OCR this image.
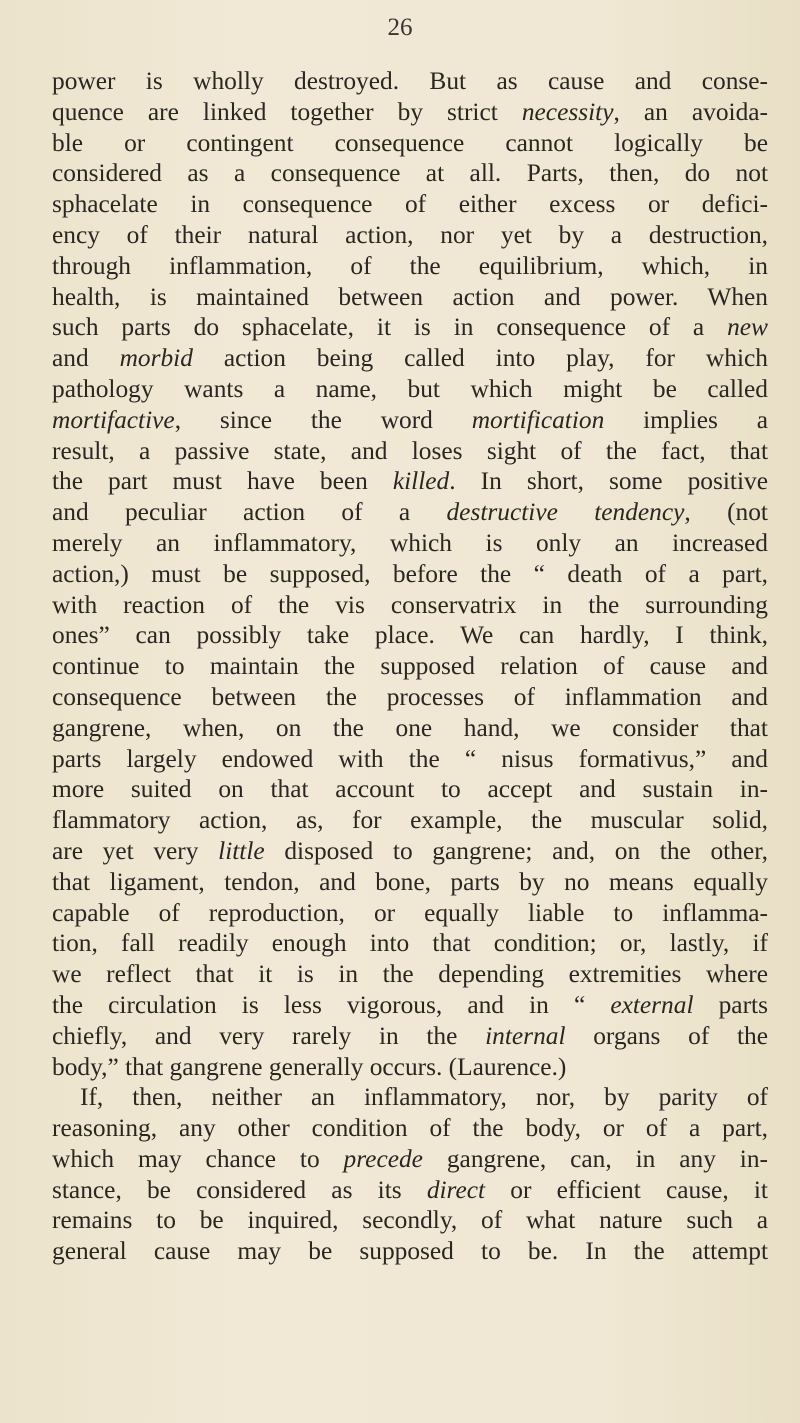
26
power is wholly destroyed. But as cause and conse-
quence are linked together by strict necessity, an avoida-
ble or contingent consequence cannot logically be
considered as a consequence at all. Parts, then, do not
sphacelate in consequence of either excess or defici-
ency of their natural action, nor yet by a destruction,
through inflammation, of the equilibrium, which, in
health, is maintained between action and power. When
such parts do sphacelate, it is in consequence of a new
and morbid action being called into play, for which
pathology wants a name, but which might be called
mortifactive, since the word mortification implies a
result, a passive state, and loses sight of the fact, that
the part must have been killed. In short, some positive
and peculiar action of a destructive tendency, (not
merely an inflammatory, which is only an increased
action,) must be supposed, before the “ death of a part,
with reaction of the vis conservatrix in the surrounding
ones” can possibly take place. We can hardly, I think,
continue to maintain the supposed relation of cause and
consequence between the processes of inflammation and
gangrene, when, on the one hand, we consider that
parts largely endowed with the “ nisus formativus,” and
more suited on that account to accept and sustain in-
flammatory action, as, for example, the muscular solid,
are yet very little disposed to gangrene; and, on the other,
that ligament, tendon, and bone, parts by no means equally
capable of reproduction, or equally liable to inflamma-
tion, fall readily enough into that condition; or, lastly, if
we reflect that it is in the depending extremities where
the circulation is less vigorous, and in “ external parts
chiefly, and very rarely in the internal organs of the
body,” that gangrene generally occurs. (Laurence.)
If, then, neither an inflammatory, nor, by parity of
reasoning, any other condition of the body, or of a part,
which may chance to precede gangrene, can, in any in-
stance, be considered as its direct or efficient cause, it
remains to be inquired, secondly, of what nature such a
general cause may be supposed to be. In the attempt
